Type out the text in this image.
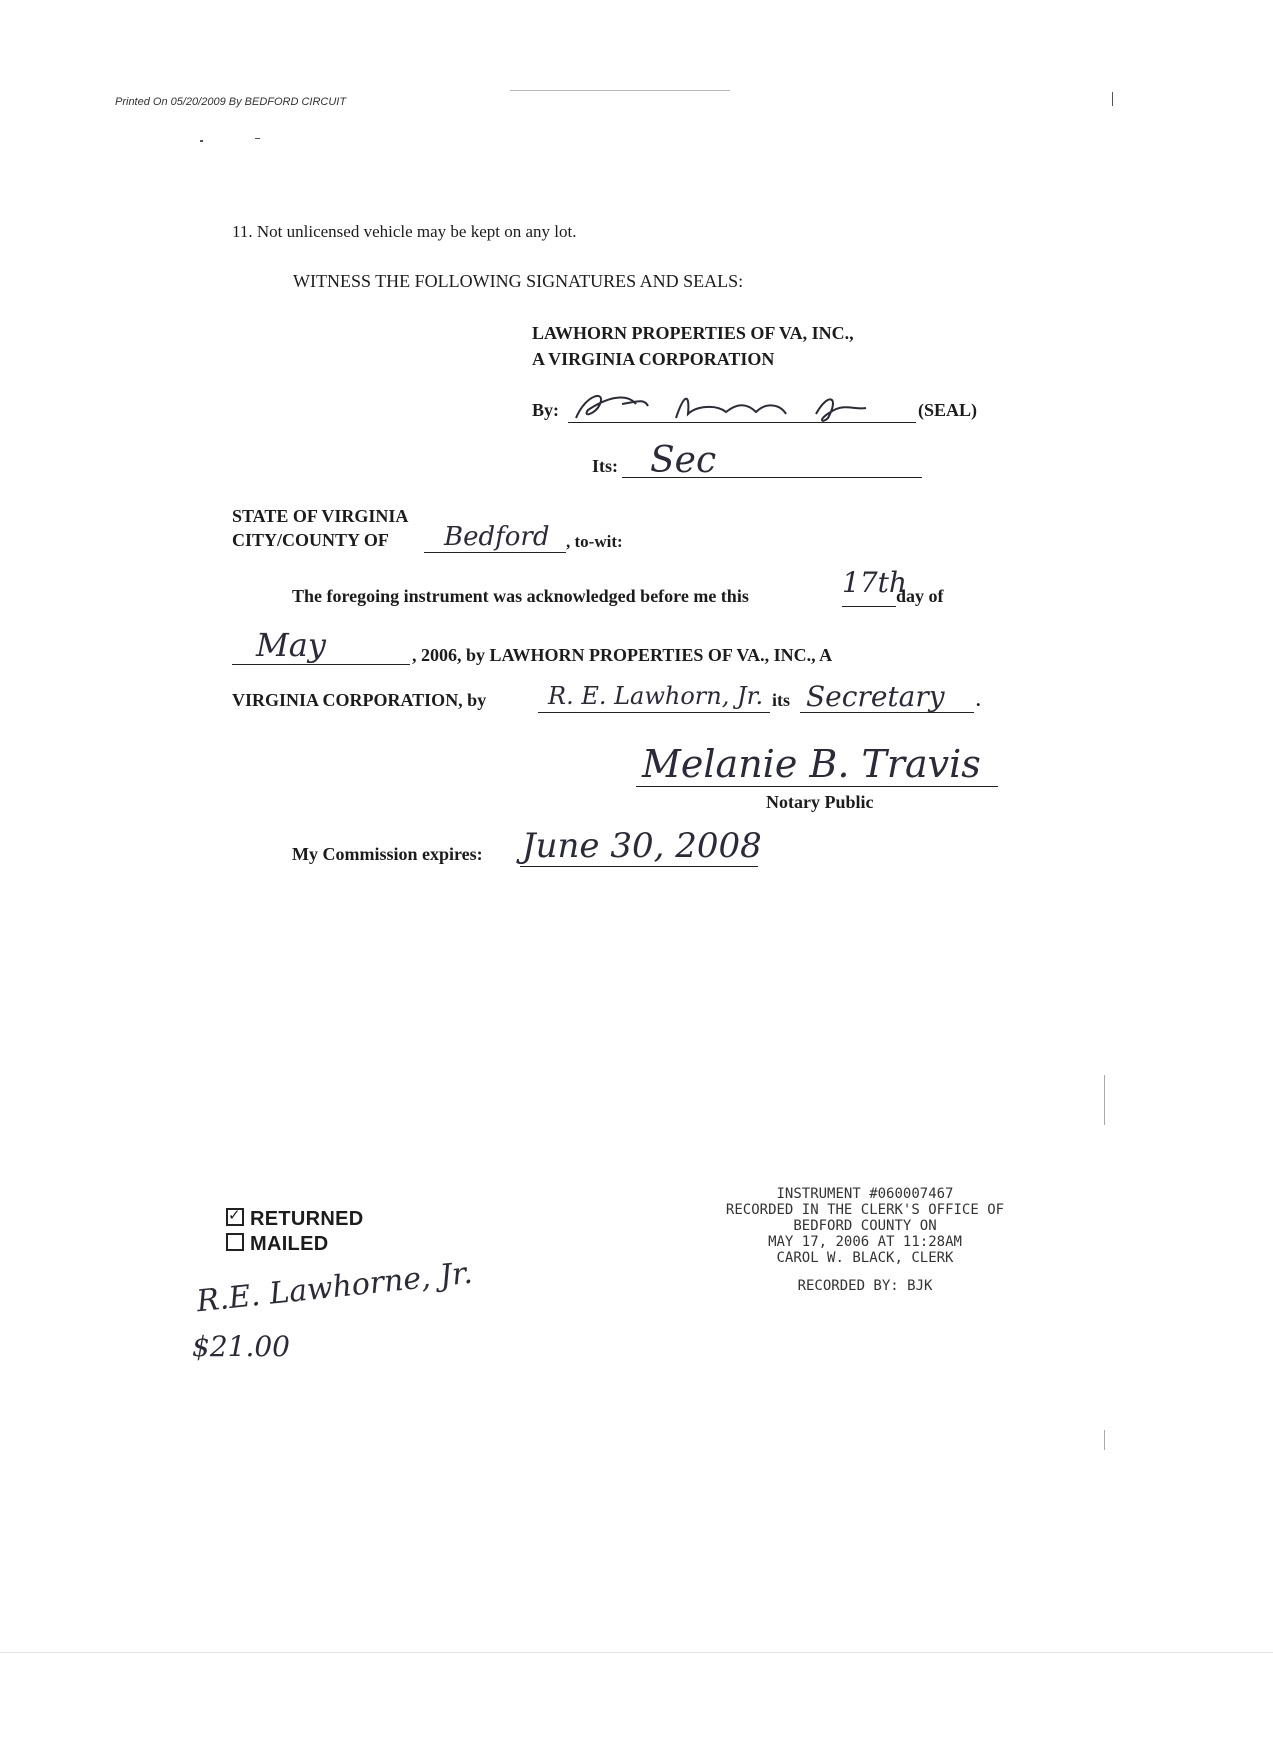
Printed On 05/20/2009 By BEDFORD CIRCUIT
11. Not unlicensed vehicle may be kept on any lot.
WITNESS THE FOLLOWING SIGNATURES AND SEALS:
LAWHORN PROPERTIES OF VA, INC.,
A VIRGINIA CORPORATION
By:	(SEAL)
Its: Sec
STATE OF VIRGINIA
CITY/COUNTY OF Bedford , to-wit:
The foregoing instrument was acknowledged before me this	17th
day of
May	, 2006, by LAWHORN PROPERTIES OF VA., INC., A
VIRGINIA CORPORATION, by	R. E. Lawhorn, Jr. its Secretary .
Melanie B. Travis
Notary Public
My Commission expires: June 30, 2008
✓RETURNED
MAILED
R.E. Lawhorne, Jr.
$21.00
INSTRUMENT #060007467
RECORDED IN THE CLERK'S OFFICE OF
BEDFORD COUNTY ON
MAY 17, 2006 AT 11:28AM
CAROL W. BLACK, CLERK
RECORDED BY: BJK
